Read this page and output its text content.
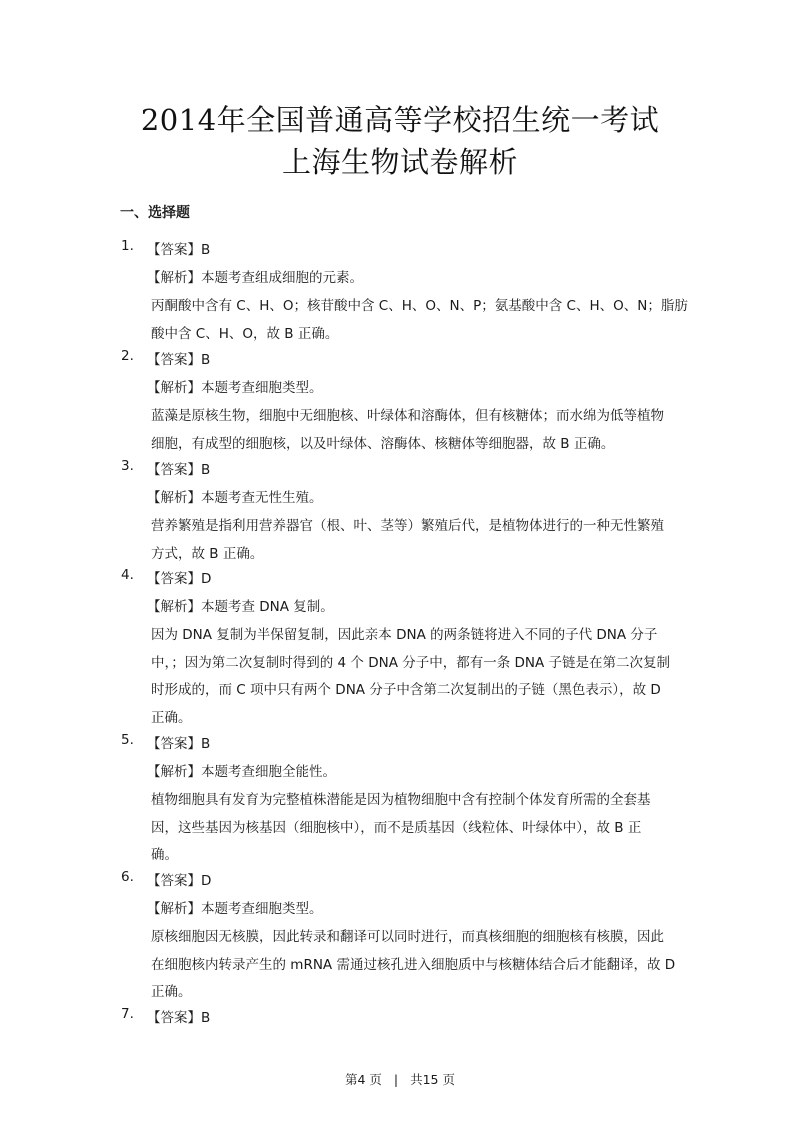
2014年全国普通高等学校招生统一考试
上海生物试卷解析
一、选择题
1. 【答案】B
【解析】本题考查组成细胞的元素。
丙酮酸中含有 C、H、O；核苷酸中含 C、H、O、N、P；氨基酸中含 C、H、O、N；脂肪
酸中含 C、H、O，故 B 正确。
2. 【答案】B
【解析】本题考查细胞类型。
蓝藻是原核生物，细胞中无细胞核、叶绿体和溶酶体，但有核糖体；而水绵为低等植物
细胞，有成型的细胞核，以及叶绿体、溶酶体、核糖体等细胞器，故 B 正确。
3. 【答案】B
【解析】本题考查无性生殖。
营养繁殖是指利用营养器官（根、叶、茎等）繁殖后代，是植物体进行的一种无性繁殖
方式，故 B 正确。
4. 【答案】D
【解析】本题考查 DNA 复制。
因为 DNA 复制为半保留复制，因此亲本 DNA 的两条链将进入不同的子代 DNA 分子
中，；因为第二次复制时得到的 4 个 DNA 分子中，都有一条 DNA 子链是在第二次复制
时形成的，而 C 项中只有两个 DNA 分子中含第二次复制出的子链（黑色表示），故 D
正确。
5. 【答案】B
【解析】本题考查细胞全能性。
植物细胞具有发育为完整植株潜能是因为植物细胞中含有控制个体发育所需的全套基
因，这些基因为核基因（细胞核中），而不是质基因（线粒体、叶绿体中），故 B 正
确。
6. 【答案】D
【解析】本题考查细胞类型。
原核细胞因无核膜，因此转录和翻译可以同时进行，而真核细胞的细胞核有核膜，因此
在细胞核内转录产生的 mRNA 需通过核孔进入细胞质中与核糖体结合后才能翻译，故 D
正确。
7. 【答案】B
第4 页 | 共15 页
